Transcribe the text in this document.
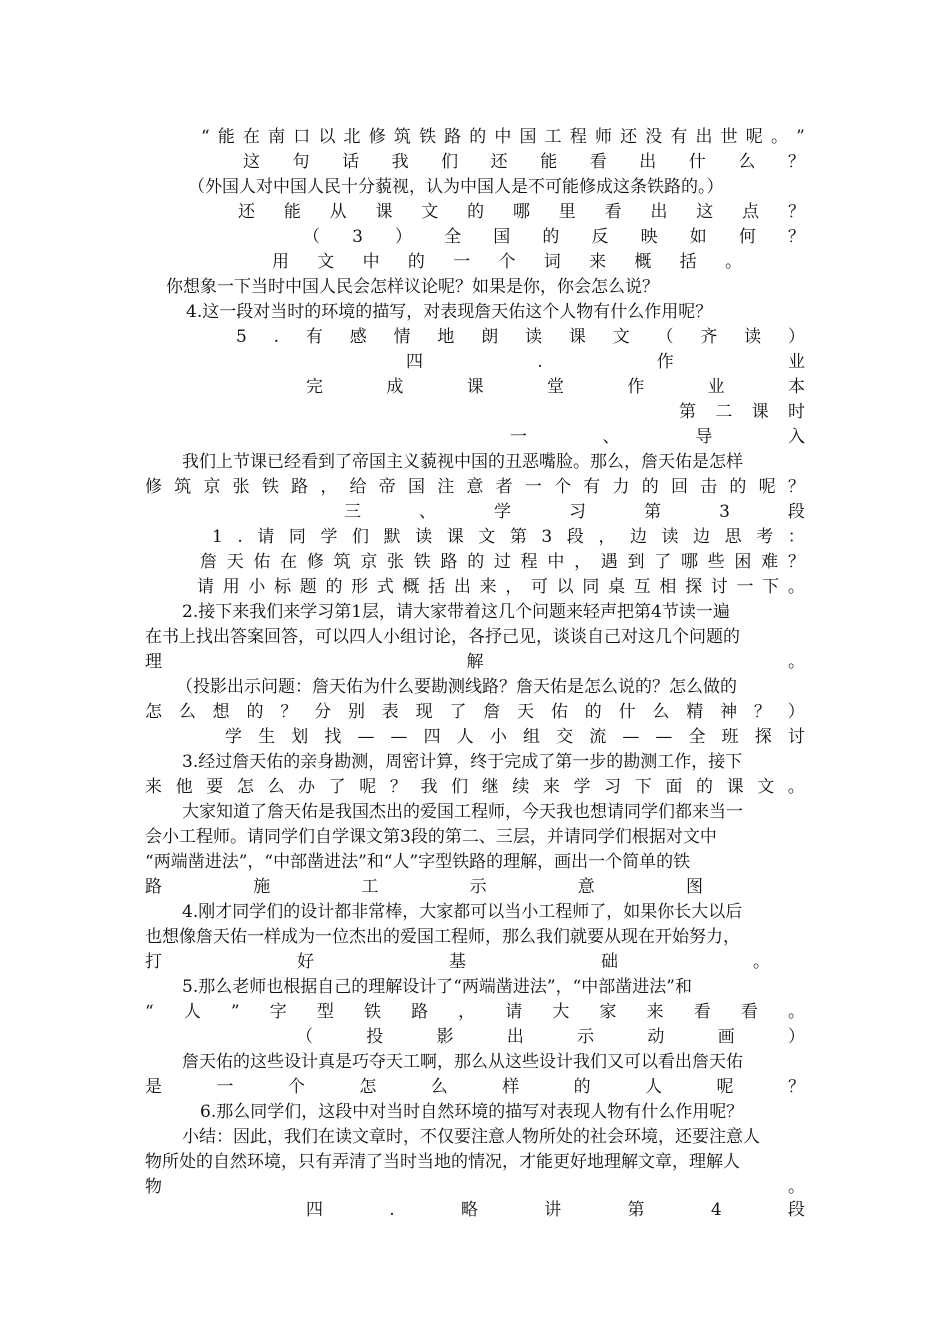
“ 能 在 南 口 以 北 修 筑 铁 路 的 中 国 工 程 师 还 没 有 出 世 呢 。 ”
这 句 话 我 们 还 能 看 出 什 么 ？
（外国人对中国人民十分藐视，认为中国人是不可能修成这条铁路的。）
还 能 从 课 文 的 哪 里 看 出 这 点 ？
（ 3 ） 全 国 的 反 映 如 何 ？
用 文 中 的 一 个 词 来 概 括 。
你想象一下当时中国人民会怎样议论呢？如果是你，你会怎么说？
4.这一段对当时的环境的描写，对表现詹天佑这个人物有什么作用呢？
5 . 有 感 情 地 朗 读 课 文 （ 齐 读 ）
四	.	作	业
完	成	课	堂	作	业	本
第 二 课 时
一	、	导	入
我们上节课已经看到了帝国主义藐视中国的丑恶嘴脸。那么，詹天佑是怎样
修 筑 京 张 铁 路 ， 给 帝 国 注 意 者 一 个 有 力 的 回 击 的 呢 ？
三	、	学	习	第	3	段
1 . 请 同 学 们 默 读 课 文 第 3 段 ， 边 读 边 思 考 ：
詹 天 佑 在 修 筑 京 张 铁 路 的 过 程 中 ， 遇 到 了 哪 些 困 难 ？
请 用 小 标 题 的 形 式 概 括 出 来 ， 可 以 同 桌 互 相 探 讨 一 下 。
2.接下来我们来学习第1层，请大家带着这几个问题来轻声把第4节读一遍
在书上找出答案回答，可以四人小组讨论，各抒己见，谈谈自己对这几个问题的
理	解	。
（投影出示问题：詹天佑为什么要勘测线路？詹天佑是怎么说的？怎么做的
怎 么 想 的 ？ 分 别 表 现 了 詹 天 佑 的 什 么 精 神 ？ ）
学 生 划 找 — — 四 人 小 组 交 流 — — 全 班 探 讨
3.经过詹天佑的亲身勘测，周密计算，终于完成了第一步的勘测工作，接下
来 他 要 怎 么 办 了 呢 ？ 我 们 继 续 来 学 习 下 面 的 课 文 。
大家知道了詹天佑是我国杰出的爱国工程师，今天我也想请同学们都来当一
会小工程师。请同学们自学课文第3段的第二、三层，并请同学们根据对文中
“两端凿进法”，“中部凿进法”和“人”字型铁路的理解，画出一个简单的铁
路	施	工	示	意	图
4.刚才同学们的设计都非常棒，大家都可以当小工程师了，如果你长大以后
也想像詹天佑一样成为一位杰出的爱国工程师，那么我们就要从现在开始努力，
打	好	基	础	。
5.那么老师也根据自己的理解设计了“两端凿进法”，“中部凿进法”和
“ 人 ” 字 型 铁 路 ， 请 大 家 来 看 看 。
（	投	影	出	示	动	画	）
詹天佑的这些设计真是巧夺天工啊，那么从这些设计我们又可以看出詹天佑
是	一	个	怎	么	样	的	人	呢	？
6.那么同学们，这段中对当时自然环境的描写对表现人物有什么作用呢？
小结：因此，我们在读文章时，不仅要注意人物所处的社会环境，还要注意人
物所处的自然环境，只有弄清了当时当地的情况，才能更好地理解文章，理解人
物	。
四	.	略	讲	第	4	段
